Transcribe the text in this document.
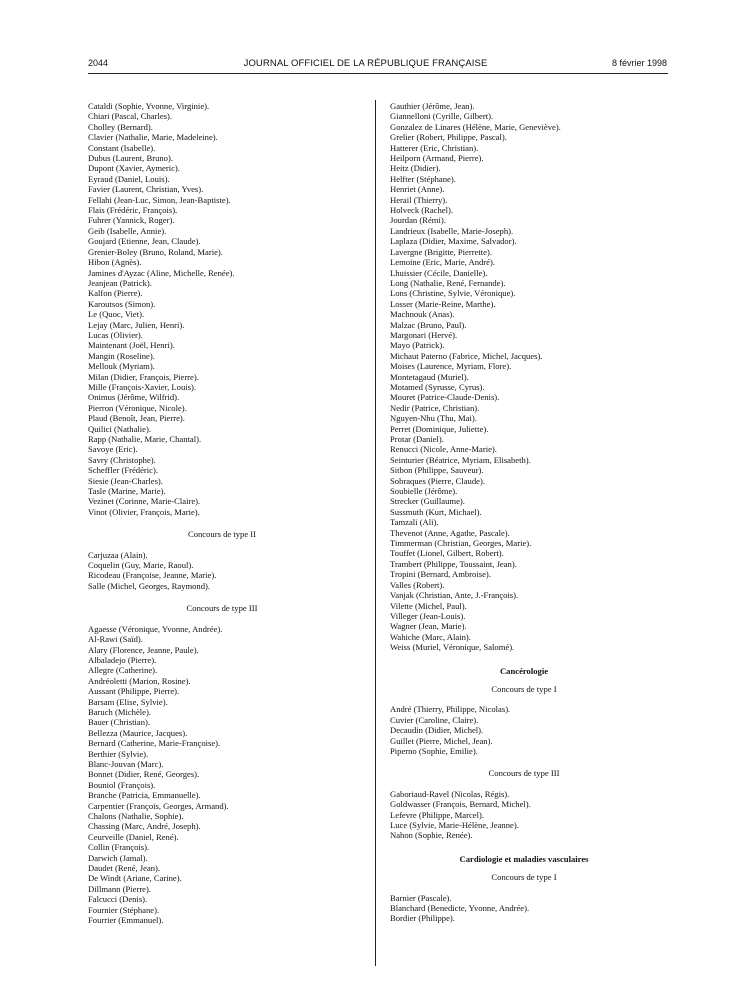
2044	JOURNAL OFFICIEL DE LA RÉPUBLIQUE FRANÇAISE	8 février 1998
Cataldi (Sophie, Yvonne, Virginie).
Chiari (Pascal, Charles).
Cholley (Bernard).
Clavier (Nathalie, Marie, Madeleine).
Constant (Isabelle).
Dubus (Laurent, Bruno).
Dupont (Xavier, Aymeric).
Eyraud (Daniel, Louis).
Favier (Laurent, Christian, Yves).
Fellahi (Jean-Luc, Simon, Jean-Baptiste).
Flais (Frédéric, François).
Fuhrer (Yannick, Roger).
Geib (Isabelle, Annie).
Goujard (Etienne, Jean, Claude).
Grenier-Boley (Bruno, Roland, Marie).
Hibon (Agnès).
Jamines d'Ayzac (Aline, Michelle, Renée).
Jeanjean (Patrick).
Kalfon (Pierre).
Karoutsos (Simon).
Le (Quoc, Viet).
Lejay (Marc, Julien, Henri).
Lucas (Olivier).
Maintenant (Joël, Henri).
Mangin (Roseline).
Mellouk (Myriam).
Milan (Didier, François, Pierre).
Mille (François-Xavier, Louis).
Onimus (Jérôme, Wilfrid).
Pierron (Véronique, Nicole).
Plaud (Benoît, Jean, Pierre).
Quilici (Nathalie).
Rapp (Nathalie, Marie, Chantal).
Savoye (Eric).
Savry (Christophe).
Scheffler (Frédéric).
Siesie (Jean-Charles).
Tasle (Marine, Marie).
Vezinet (Corinne, Marie-Claire).
Vinot (Olivier, François, Marie).
Concours de type II
Carjuzaa (Alain).
Coquelin (Guy, Marie, Raoul).
Ricodeau (Françoise, Jeanne, Marie).
Salle (Michel, Georges, Raymond).
Concours de type III
Agaesse (Véronique, Yvonne, Andrée).
Al-Rawi (Saïd).
Alary (Florence, Jeanne, Paule).
Albaladejo (Pierre).
Allegre (Catherine).
Andréoletti (Marion, Rosine).
Aussant (Philippe, Pierre).
Barsam (Elise, Sylvie).
Baruch (Michèle).
Bauer (Christian).
Bellezza (Maurice, Jacques).
Bernard (Catherine, Marie-Françoise).
Berthier (Sylvie).
Blanc-Jouvan (Marc).
Bonnet (Didier, René, Georges).
Bouniol (François).
Branche (Patricia, Emmanuelle).
Carpentier (François, Georges, Armand).
Chalons (Nathalie, Sophie).
Chassing (Marc, André, Joseph).
Ceurveille (Daniel, René).
Collin (François).
Darwich (Jamal).
Daudet (René, Jean).
De Windt (Ariane, Carine).
Dillmann (Pierre).
Falcucci (Denis).
Fournier (Stéphane).
Fourrier (Emmanuel).
Gauthier (Jérôme, Jean).
Giannelloni (Cyrille, Gilbert).
Gonzalez de Linares (Hélène, Marie, Geneviève).
Grelier (Robert, Philippe, Pascal).
Hatterer (Eric, Christian).
Heilporn (Armand, Pierre).
Heitz (Didier).
Helfter (Stéphane).
Henriet (Anne).
Herail (Thierry).
Holveck (Rachel).
Jourdan (Rémi).
Landrieux (Isabelle, Marie-Joseph).
Laplaza (Didier, Maxime, Salvador).
Lavergne (Brigitte, Pierrette).
Lemoine (Eric, Marie, André).
Lhuissier (Cécile, Danielle).
Long (Nathalie, René, Fernande).
Lons (Christine, Sylvie, Véronique).
Losser (Marie-Reine, Marthe).
Machnouk (Anas).
Malzac (Bruno, Paul).
Margonari (Hervé).
Mayo (Patrick).
Michaut Paterno (Fabrice, Michel, Jacques).
Moises (Laurence, Myriam, Flore).
Montetagaud (Muriel).
Motamed (Syrusse, Cyrus).
Mouret (Patrice-Claude-Denis).
Nedir (Patrice, Christian).
Nguyen-Nhu (Thu, Mai).
Perret (Dominique, Juliette).
Protar (Daniel).
Renucci (Nicole, Anne-Marie).
Seinturier (Béatrice, Myriam, Elisabeth).
Sitbon (Philippe, Sauveur).
Sobraques (Pierre, Claude).
Soubielle (Jérôme).
Strecker (Guillaume).
Sussmuth (Kurt, Michael).
Tamzali (Ali).
Thevenot (Anne, Agathe, Pascale).
Timmerman (Christian, Georges, Marie).
Touffet (Lionel, Gilbert, Robert).
Trambert (Philippe, Toussaint, Jean).
Tropini (Bernard, Ambroise).
Valles (Robert).
Vanjak (Christian, Ante, J.-François).
Vilette (Michel, Paul).
Villeger (Jean-Louis).
Wagner (Jean, Marie).
Wahiche (Marc, Alain).
Weiss (Muriel, Véronique, Salomé).
Cancérologie
Concours de type I
André (Thierry, Philippe, Nicolas).
Cuvier (Caroline, Claire).
Decaudin (Didier, Michel).
Guillet (Pierre, Michel, Jean).
Piperno (Sophie, Emilie).
Concours de type III
Gaboriaud-Ravel (Nicolas, Régis).
Goldwasser (François, Bernard, Michel).
Lefevre (Philippe, Marcel).
Luce (Sylvie, Marie-Hélène, Jeanne).
Nahon (Sophie, Renée).
Cardiologie et maladies vasculaires
Concours de type I
Barnier (Pascale).
Blanchard (Benedicte, Yvonne, Andrée).
Bordier (Philippe).
